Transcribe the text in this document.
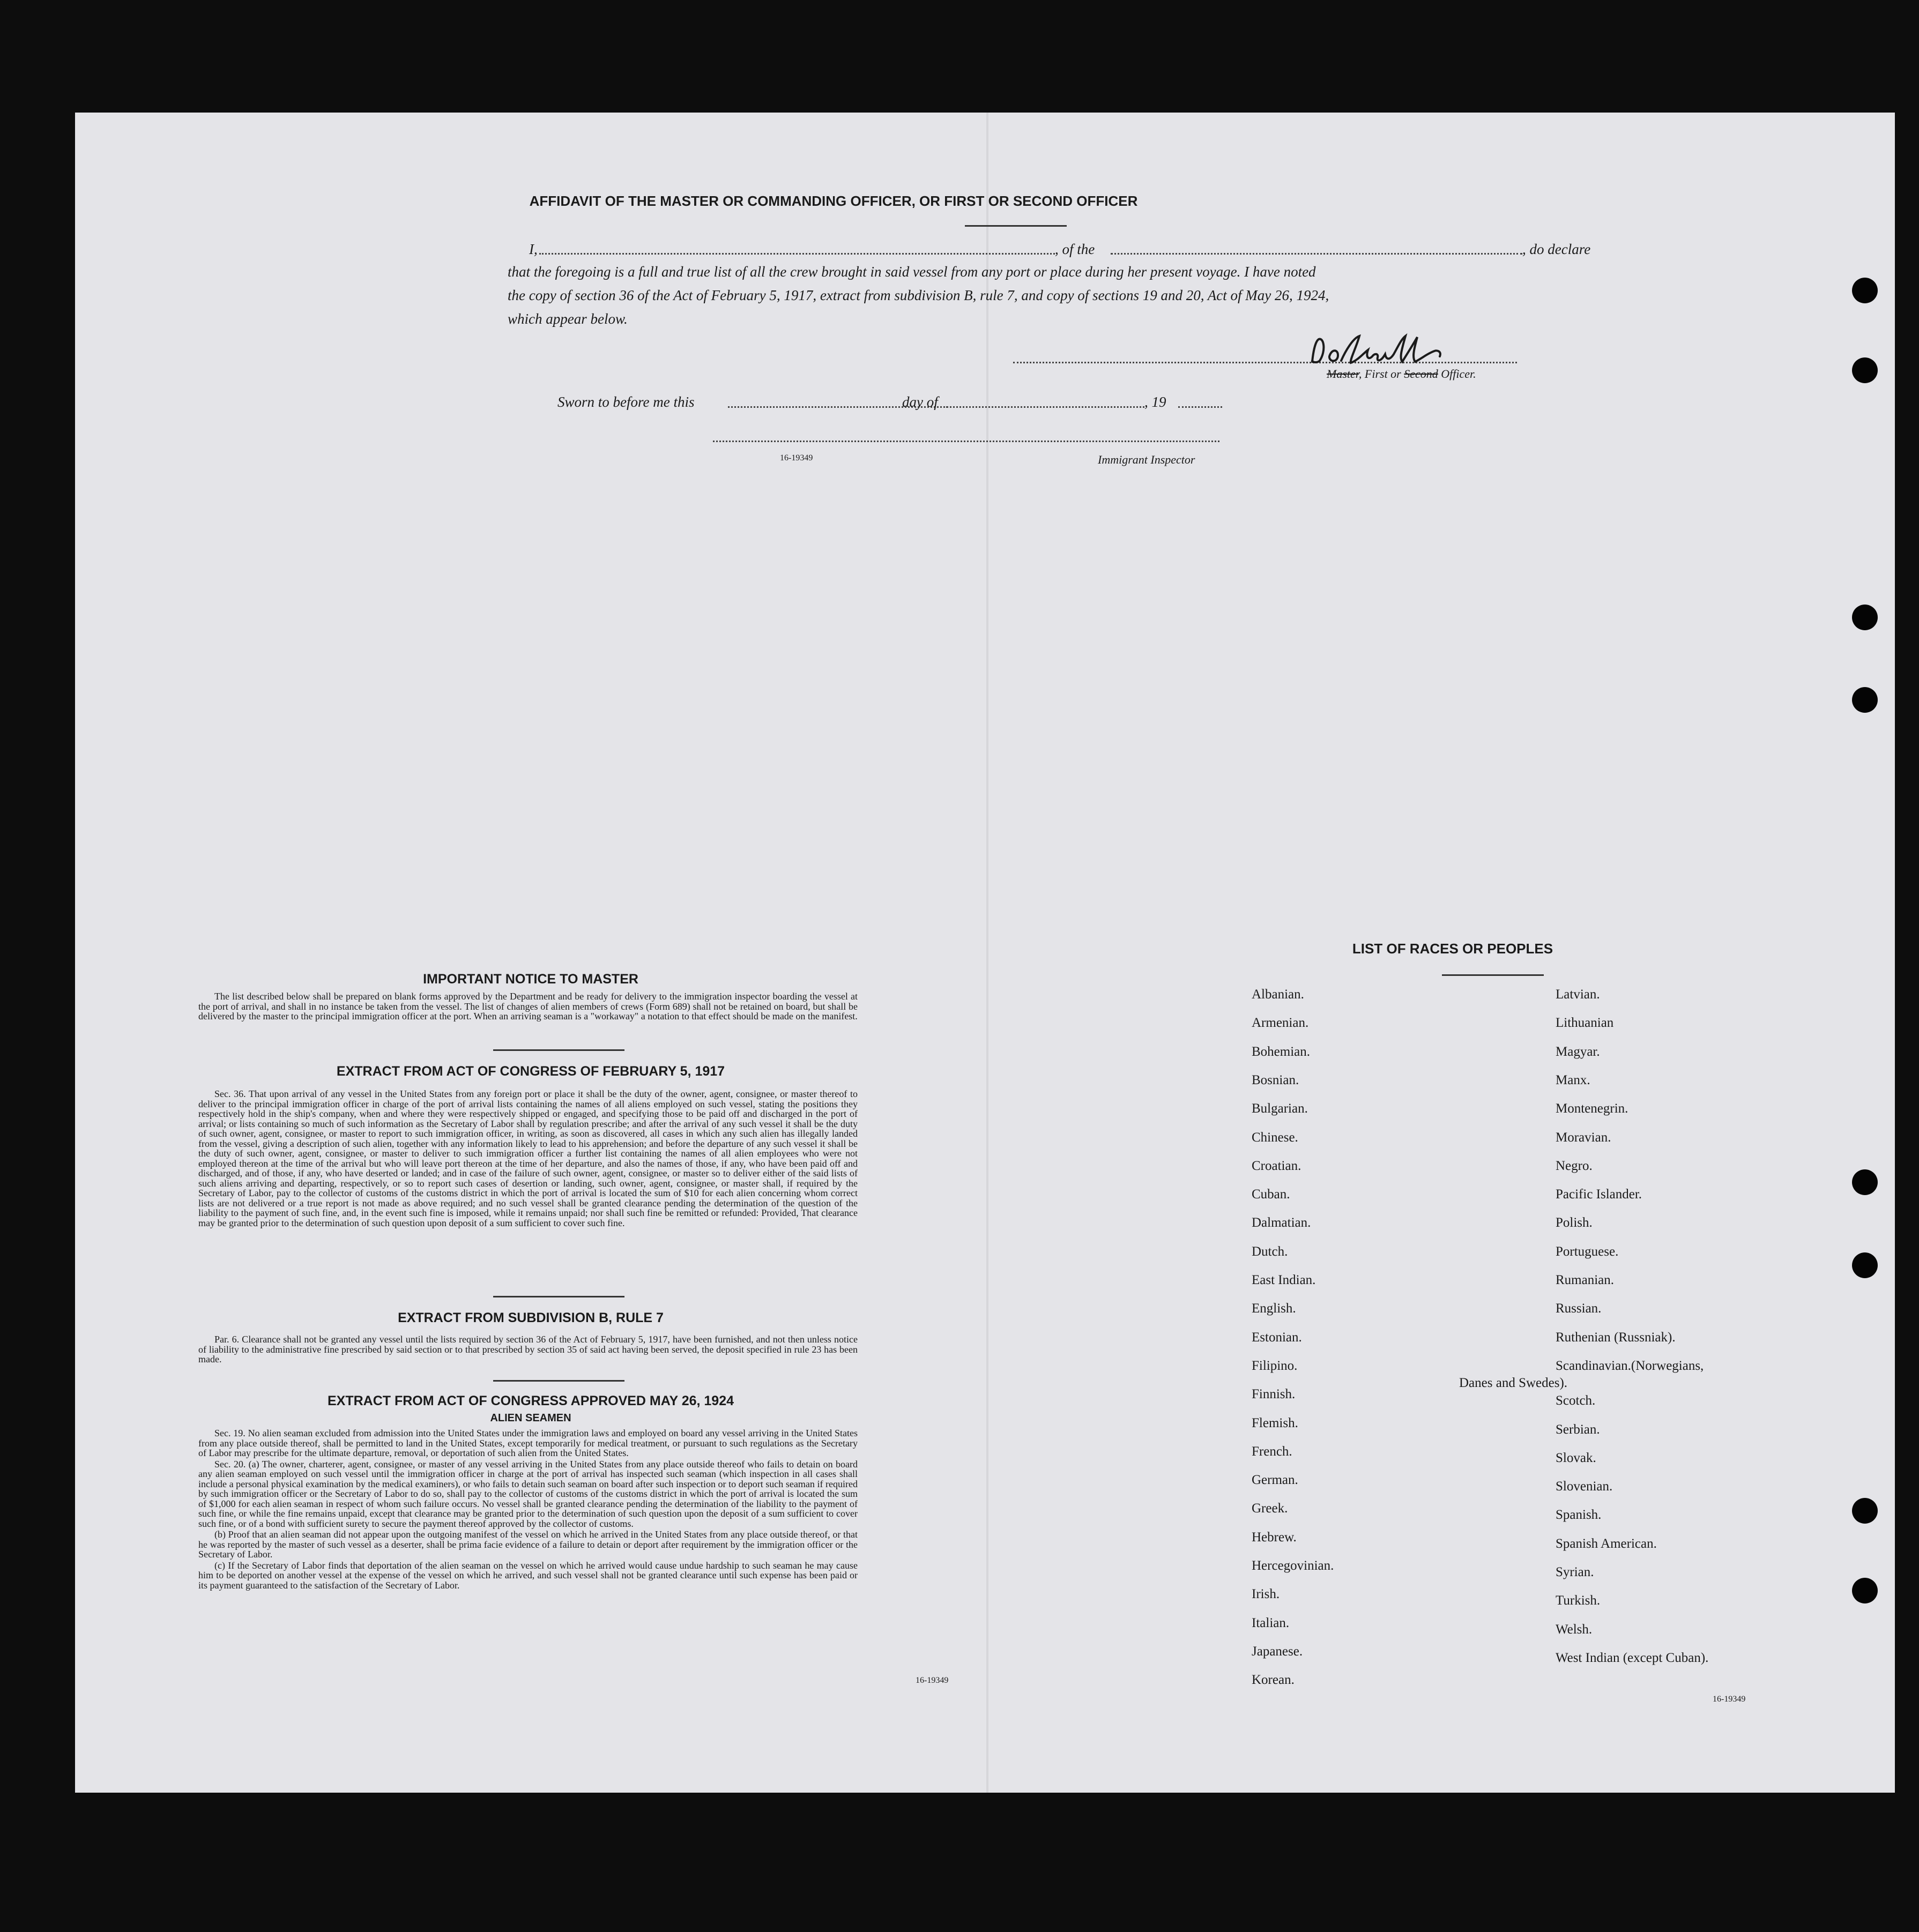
AFFIDAVIT OF THE MASTER OR COMMANDING OFFICER, OR FIRST OR SECOND OFFICER
I,	, of the	, do declare
that the foregoing is a full and true list of all the crew brought in said vessel from any port or place during her present voyage. I have noted
the copy of section 36 of the Act of February 5, 1917, extract from subdivision B, rule 7, and copy of sections 19 and 20, Act of May 26, 1924,
which appear below.
Master, First or Second Officer.
Sworn to before me this	day of	, 19
16-19349	Immigrant Inspector
IMPORTANT NOTICE TO MASTER

The list described below shall be prepared on blank forms approved by the Department and be ready for delivery to the immigration inspector boarding the vessel at the port of arrival, and shall in no instance be taken from the vessel. The list of changes of alien members of crews (Form 689) shall not be retained on board, but shall be delivered by the master to the principal immigration officer at the port. When an arriving seaman is a "workaway" a notation to that effect should be made on the manifest.

EXTRACT FROM ACT OF CONGRESS OF FEBRUARY 5, 1917

Sec. 36. That upon arrival of any vessel in the United States from any foreign port or place it shall be the duty of the owner, agent, consignee, or master thereof to deliver to the principal immigration officer in charge of the port of arrival lists containing the names of all aliens employed on such vessel, stating the positions they respectively hold in the ship's company, when and where they were respectively shipped or engaged, and specifying those to be paid off and discharged in the port of arrival; or lists containing so much of such information as the Secretary of Labor shall by regulation prescribe; and after the arrival of any such vessel it shall be the duty of such owner, agent, consignee, or master to report to such immigration officer, in writing, as soon as discovered, all cases in which any such alien has illegally landed from the vessel, giving a description of such alien, together with any information likely to lead to his apprehension; and before the departure of any such vessel it shall be the duty of such owner, agent, consignee, or master to deliver to such immigration officer a further list containing the names of all alien employees who were not employed thereon at the time of the arrival but who will leave port thereon at the time of her departure, and also the names of those, if any, who have been paid off and discharged, and of those, if any, who have deserted or landed; and in case of the failure of such owner, agent, consignee, or master so to deliver either of the said lists of such aliens arriving and departing, respectively, or so to report such cases of desertion or landing, such owner, agent, consignee, or master shall, if required by the Secretary of Labor, pay to the collector of customs of the customs district in which the port of arrival is located the sum of $10 for each alien concerning whom correct lists are not delivered or a true report is not made as above required; and no such vessel shall be granted clearance pending the determination of the question of the liability to the payment of such fine, and, in the event such fine is imposed, while it remains unpaid; nor shall such fine be remitted or refunded: Provided, That clearance may be granted prior to the determination of such question upon deposit of a sum sufficient to cover such fine.

EXTRACT FROM SUBDIVISION B, RULE 7

Par. 6. Clearance shall not be granted any vessel until the lists required by section 36 of the Act of February 5, 1917, have been furnished, and not then unless notice of liability to the administrative fine prescribed by said section or to that prescribed by section 35 of said act having been served, the deposit specified in rule 23 has been made.

EXTRACT FROM ACT OF CONGRESS APPROVED MAY 26, 1924
ALIEN SEAMEN

Sec. 19. No alien seaman excluded from admission into the United States under the immigration laws and employed on board any vessel arriving in the United States from any place outside thereof, shall be permitted to land in the United States, except temporarily for medical treatment, or pursuant to such regulations as the Secretary of Labor may prescribe for the ultimate departure, removal, or deportation of such alien from the United States.

Sec. 20. (a) The owner, charterer, agent, consignee, or master of any vessel arriving in the United States from any place outside thereof who fails to detain on board any alien seaman employed on such vessel until the immigration officer in charge at the port of arrival has inspected such seaman (which inspection in all cases shall include a personal physical examination by the medical examiners), or who fails to detain such seaman on board after such inspection or to deport such seaman if required by such immigration officer or the Secretary of Labor to do so, shall pay to the collector of customs of the customs district in which the port of arrival is located the sum of $1,000 for each alien seaman in respect of whom such failure occurs. No vessel shall be granted clearance pending the determination of the liability to the payment of such fine, or while the fine remains unpaid, except that clearance may be granted prior to the determination of such question upon the deposit of a sum sufficient to cover such fine, or of a bond with sufficient surety to secure the payment thereof approved by the collector of customs.

(b) Proof that an alien seaman did not appear upon the outgoing manifest of the vessel on which he arrived in the United States from any place outside thereof, or that he was reported by the master of such vessel as a deserter, shall be prima facie evidence of a failure to detain or deport after requirement by the immigration officer or the Secretary of Labor.

(c) If the Secretary of Labor finds that deportation of the alien seaman on the vessel on which he arrived would cause undue hardship to such seaman he may cause him to be deported on another vessel at the expense of the vessel on which he arrived, and such vessel shall not be granted clearance until such expense has been paid or its payment guaranteed to the satisfaction of the Secretary of Labor.

16-19349
LIST OF RACES OR PEOPLES
Albanian.
Armenian.
Bohemian.
Bosnian.
Bulgarian.
Chinese.
Croatian.
Cuban.
Dalmatian.
Dutch.
East Indian.
English.
Estonian.
Filipino.
Finnish.
Flemish.
French.
German.
Greek.
Hebrew.
Hercegovinian.
Irish.
Italian.
Japanese.
Korean.
Latvian.
Lithuanian
Magyar.
Manx.
Montenegrin.
Moravian.
Negro.
Pacific Islander.
Polish.
Portuguese.
Rumanian.
Russian.
Ruthenian (Russniak).
Scandinavian.(Norwegians,
Scotch.
Serbian.
Slovak.
Slovenian.
Spanish.
Spanish American.
Syrian.
Turkish.
Welsh.
West Indian (except Cuban).
Danes and Swedes).
16-19349
